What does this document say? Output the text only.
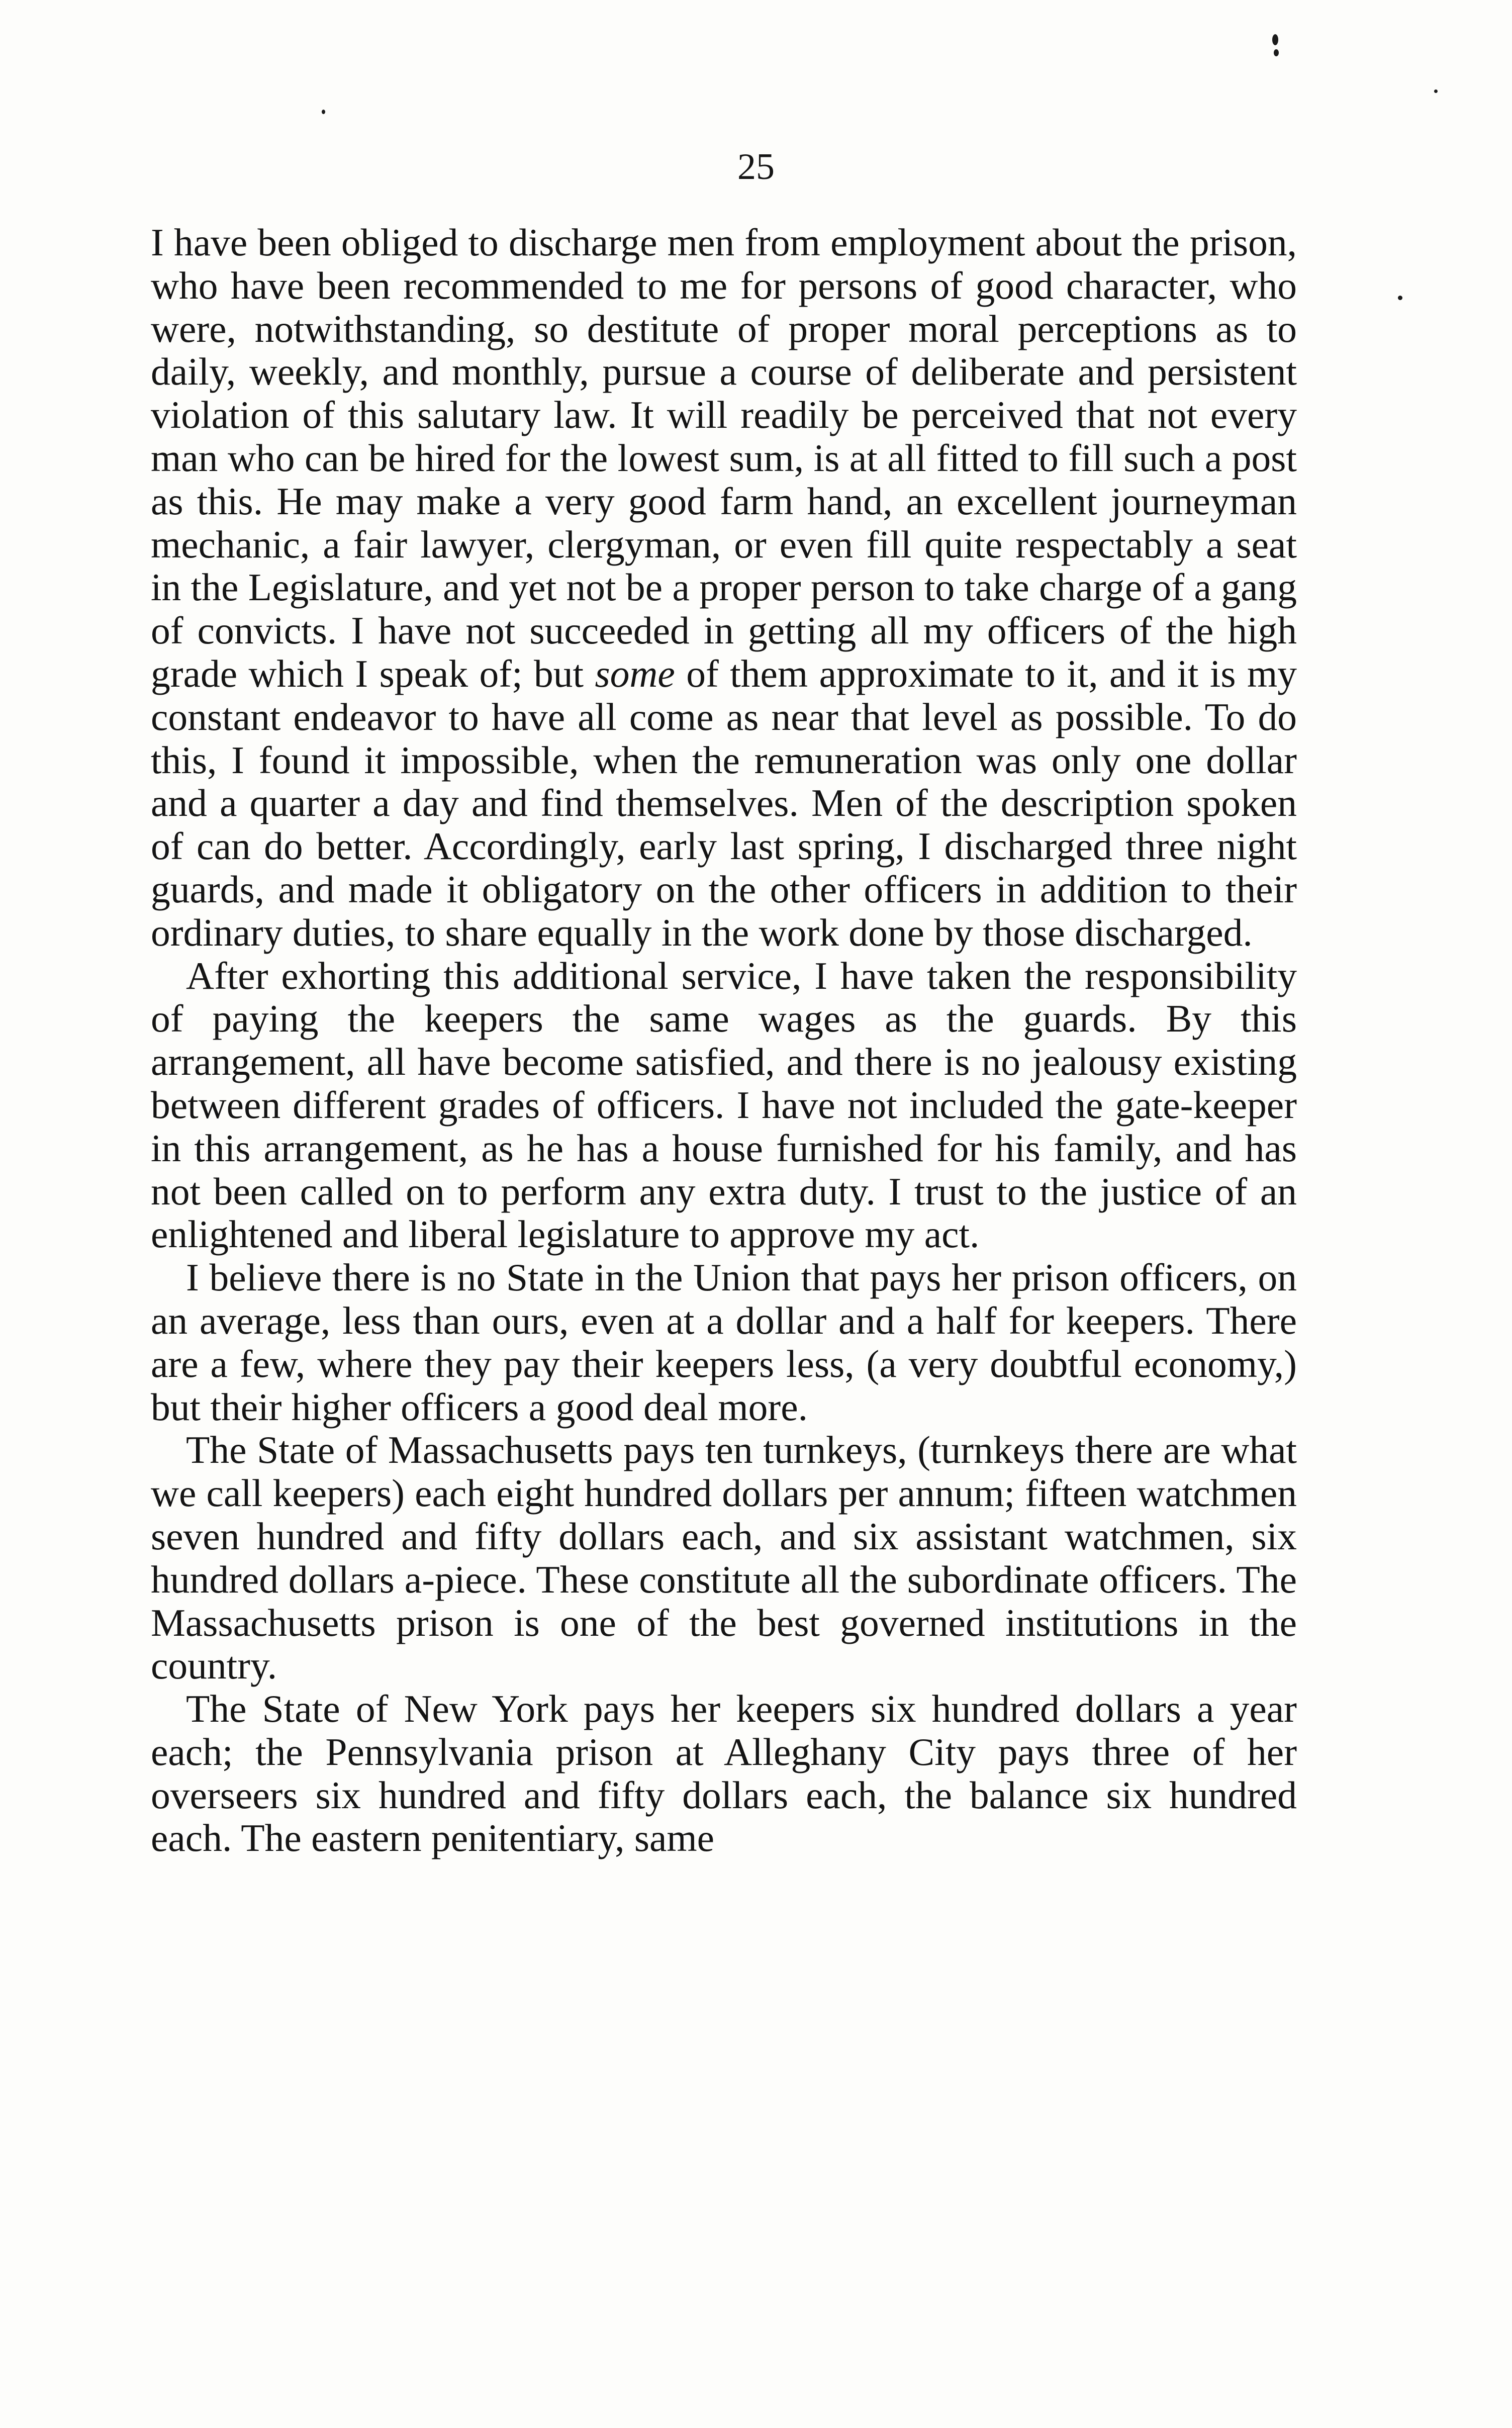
25

I have been obliged to discharge men from employment about the prison, who have been recommended to me for persons of good character, who were, notwithstanding, so destitute of proper moral perceptions as to daily, weekly, and monthly, pursue a course of deliberate and persistent violation of this salutary law. It will readily be perceived that not every man who can be hired for the lowest sum, is at all fitted to fill such a post as this. He may make a very good farm hand, an excellent journeyman mechanic, a fair lawyer, clergyman, or even fill quite respectably a seat in the Legislature, and yet not be a proper person to take charge of a gang of convicts. I have not succeeded in getting all my officers of the high grade which I speak of; but some of them approximate to it, and it is my constant endeavor to have all come as near that level as possible. To do this, I found it impossible, when the remuneration was only one dollar and a quarter a day and find themselves. Men of the description spoken of can do better. Accordingly, early last spring, I discharged three night guards, and made it obligatory on the other officers in addition to their ordinary duties, to share equally in the work done by those discharged.

After exhorting this additional service, I have taken the responsibility of paying the keepers the same wages as the guards. By this arrangement, all have become satisfied, and there is no jealousy existing between different grades of officers. I have not included the gate-keeper in this arrangement, as he has a house furnished for his family, and has not been called on to perform any extra duty. I trust to the justice of an enlightened and liberal legislature to approve my act.

I believe there is no State in the Union that pays her prison officers, on an average, less than ours, even at a dollar and a half for keepers. There are a few, where they pay their keepers less, (a very doubtful economy,) but their higher officers a good deal more.

The State of Massachusetts pays ten turnkeys, (turnkeys there are what we call keepers) each eight hundred dollars per annum; fifteen watchmen seven hundred and fifty dollars each, and six assistant watchmen, six hundred dollars a-piece. These constitute all the subordinate officers. The Massachusetts prison is one of the best governed institutions in the country.

The State of New York pays her keepers six hundred dollars a year each; the Pennsylvania prison at Alleghany City pays three of her overseers six hundred and fifty dollars each, the balance six hundred each. The eastern penitentiary, same
